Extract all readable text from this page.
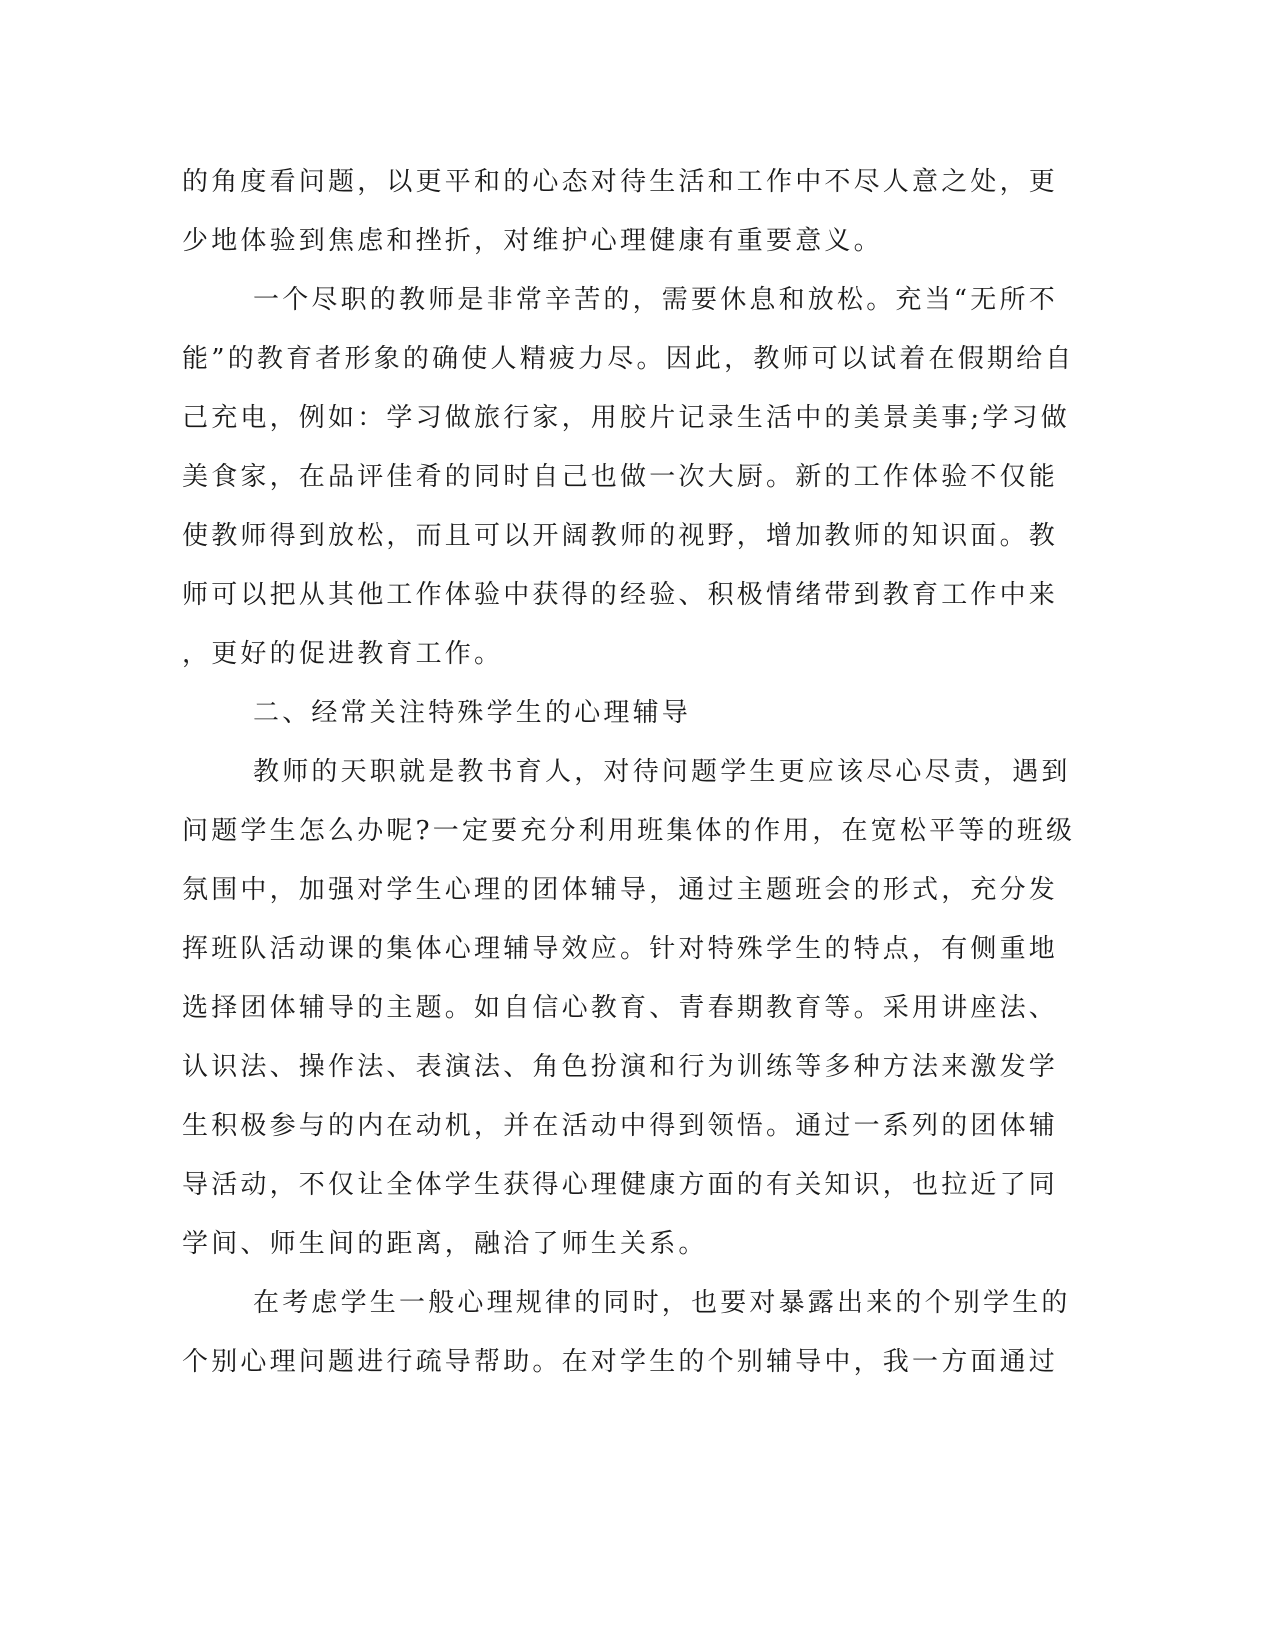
的角度看问题，以更平和的心态对待生活和工作中不尽人意之处，更
少地体验到焦虑和挫折，对维护心理健康有重要意义。
一个尽职的教师是非常辛苦的，需要休息和放松。充当“无所不
能”的教育者形象的确使人精疲力尽。因此，教师可以试着在假期给自
己充电，例如：学习做旅行家，用胶片记录生活中的美景美事;学习做
美食家，在品评佳肴的同时自己也做一次大厨。新的工作体验不仅能
使教师得到放松，而且可以开阔教师的视野，增加教师的知识面。教
师可以把从其他工作体验中获得的经验、积极情绪带到教育工作中来
，更好的促进教育工作。
二、经常关注特殊学生的心理辅导
教师的天职就是教书育人，对待问题学生更应该尽心尽责，遇到
问题学生怎么办呢?一定要充分利用班集体的作用，在宽松平等的班级
氛围中，加强对学生心理的团体辅导，通过主题班会的形式，充分发
挥班队活动课的集体心理辅导效应。针对特殊学生的特点，有侧重地
选择团体辅导的主题。如自信心教育、青春期教育等。采用讲座法、
认识法、操作法、表演法、角色扮演和行为训练等多种方法来激发学
生积极参与的内在动机，并在活动中得到领悟。通过一系列的团体辅
导活动，不仅让全体学生获得心理健康方面的有关知识，也拉近了同
学间、师生间的距离，融洽了师生关系。
在考虑学生一般心理规律的同时，也要对暴露出来的个别学生的
个别心理问题进行疏导帮助。在对学生的个别辅导中，我一方面通过
